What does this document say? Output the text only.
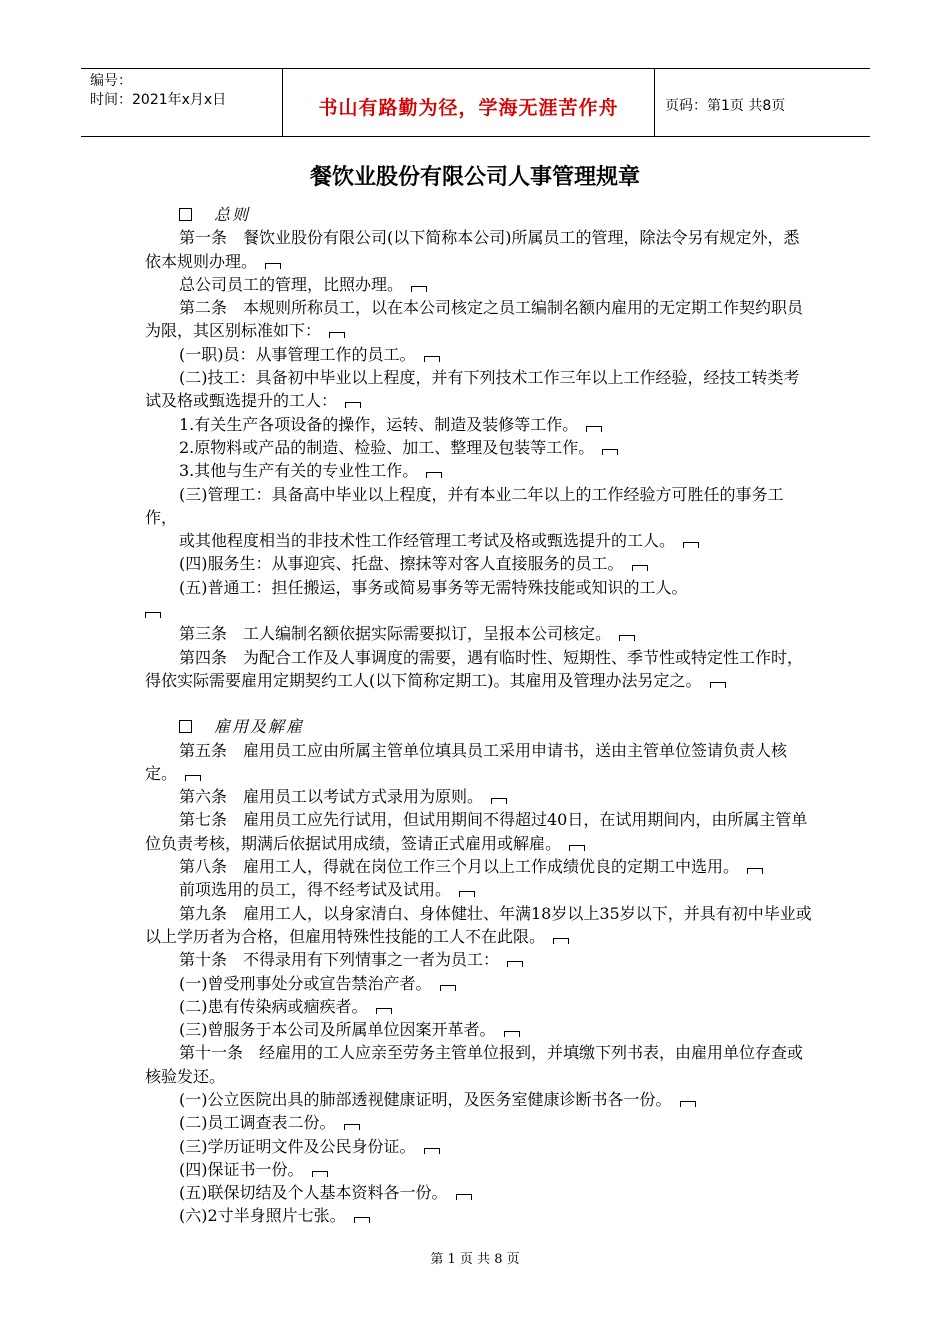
编号：
时间：2021年x月x日	书山有路勤为径，学海无涯苦作舟	页码：第1页 共8页
餐饮业股份有限公司人事管理规章

总则

第一条　餐饮业股份有限公司(以下简称本公司)所属员工的管理，除法令另有规定外，悉依本规则办理。

总公司员工的管理，比照办理。

第二条　本规则所称员工，以在本公司核定之员工编制名额内雇用的无定期工作契约职员为限，其区别标准如下：

(一职)员：从事管理工作的员工。

(二)技工：具备初中毕业以上程度，并有下列技术工作三年以上工作经验，经技工转类考试及格或甄选提升的工人：

1.有关生产各项设备的操作，运转、制造及装修等工作。

2.原物料或产品的制造、检验、加工、整理及包装等工作。

3.其他与生产有关的专业性工作。

(三)管理工：具备高中毕业以上程度，并有本业二年以上的工作经验方可胜任的事务工作，

或其他程度相当的非技术性工作经管理工考试及格或甄选提升的工人。

(四)服务生：从事迎宾、托盘、擦抹等对客人直接服务的员工。

(五)普通工：担任搬运，事务或简易事务等无需特殊技能或知识的工人。

第三条　工人编制名额依据实际需要拟订，呈报本公司核定。

第四条　为配合工作及人事调度的需要，遇有临时性、短期性、季节性或特定性工作时，得依实际需要雇用定期契约工人(以下简称定期工)。其雇用及管理办法另定之。

雇用及解雇

第五条　雇用员工应由所属主管单位填具员工采用申请书，送由主管单位签请负责人核定。

第六条　雇用员工以考试方式录用为原则。

第七条　雇用员工应先行试用，但试用期间不得超过40日，在试用期间内，由所属主管单位负责考核，期满后依据试用成绩，签请正式雇用或解雇。

第八条　雇用工人，得就在岗位工作三个月以上工作成绩优良的定期工中选用。

前项选用的员工，得不经考试及试用。

第九条　雇用工人，以身家清白、身体健壮、年满18岁以上35岁以下，并具有初中毕业或以上学历者为合格，但雇用特殊性技能的工人不在此限。

第十条　不得录用有下列情事之一者为员工：

(一)曾受刑事处分或宣告禁治产者。

(二)患有传染病或痼疾者。

(三)曾服务于本公司及所属单位因案开革者。

第十一条　经雇用的工人应亲至劳务主管单位报到，并填缴下列书表，由雇用单位存查或核验发还。

(一)公立医院出具的肺部透视健康证明，及医务室健康诊断书各一份。

(二)员工调查表二份。

(三)学历证明文件及公民身份证。

(四)保证书一份。

(五)联保切结及个人基本资料各一份。

(六)2寸半身照片七张。

第 1 页 共 8 页
